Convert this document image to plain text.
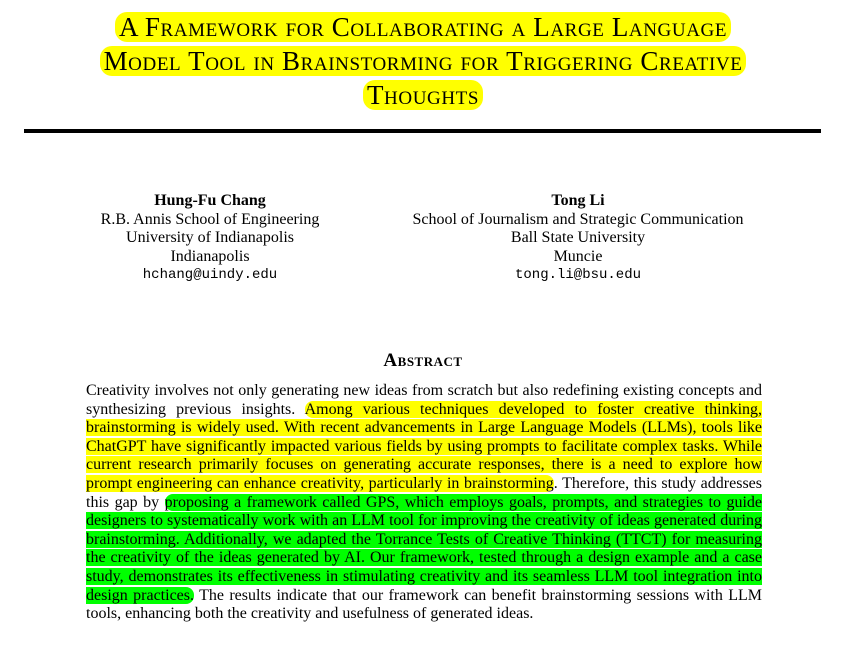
A Framework for Collaborating a Large Language
Model Tool in Brainstorming for Triggering Creative
Thoughts
Hung-Fu Chang
R.B. Annis School of Engineering
University of Indianapolis
Indianapolis
hchang@uindy.edu
Tong Li
School of Journalism and Strategic Communication
Ball State University
Muncie
tong.li@bsu.edu
Abstract
Creativity involves not only generating new ideas from scratch but also redefining existing concepts and synthesizing previous insights. Among various techniques developed to foster creative thinking, brainstorming is widely used. With recent advancements in Large Language Models (LLMs), tools like ChatGPT have significantly impacted various fields by using prompts to facilitate complex tasks. While current research primarily focuses on generating accurate responses, there is a need to explore how prompt engineering can enhance creativity, particularly in brainstorming. Therefore, this study addresses this gap by proposing a framework called GPS, which employs goals, prompts, and strategies to guide designers to systematically work with an LLM tool for improving the creativity of ideas generated during brainstorming. Additionally, we adapted the Torrance Tests of Creative Thinking (TTCT) for measuring the creativity of the ideas generated by AI. Our framework, tested through a design example and a case study, demonstrates its effectiveness in stimulating creativity and its seamless LLM tool integration into design practices. The results indicate that our framework can benefit brainstorming sessions with LLM tools, enhancing both the creativity and usefulness of generated ideas.
